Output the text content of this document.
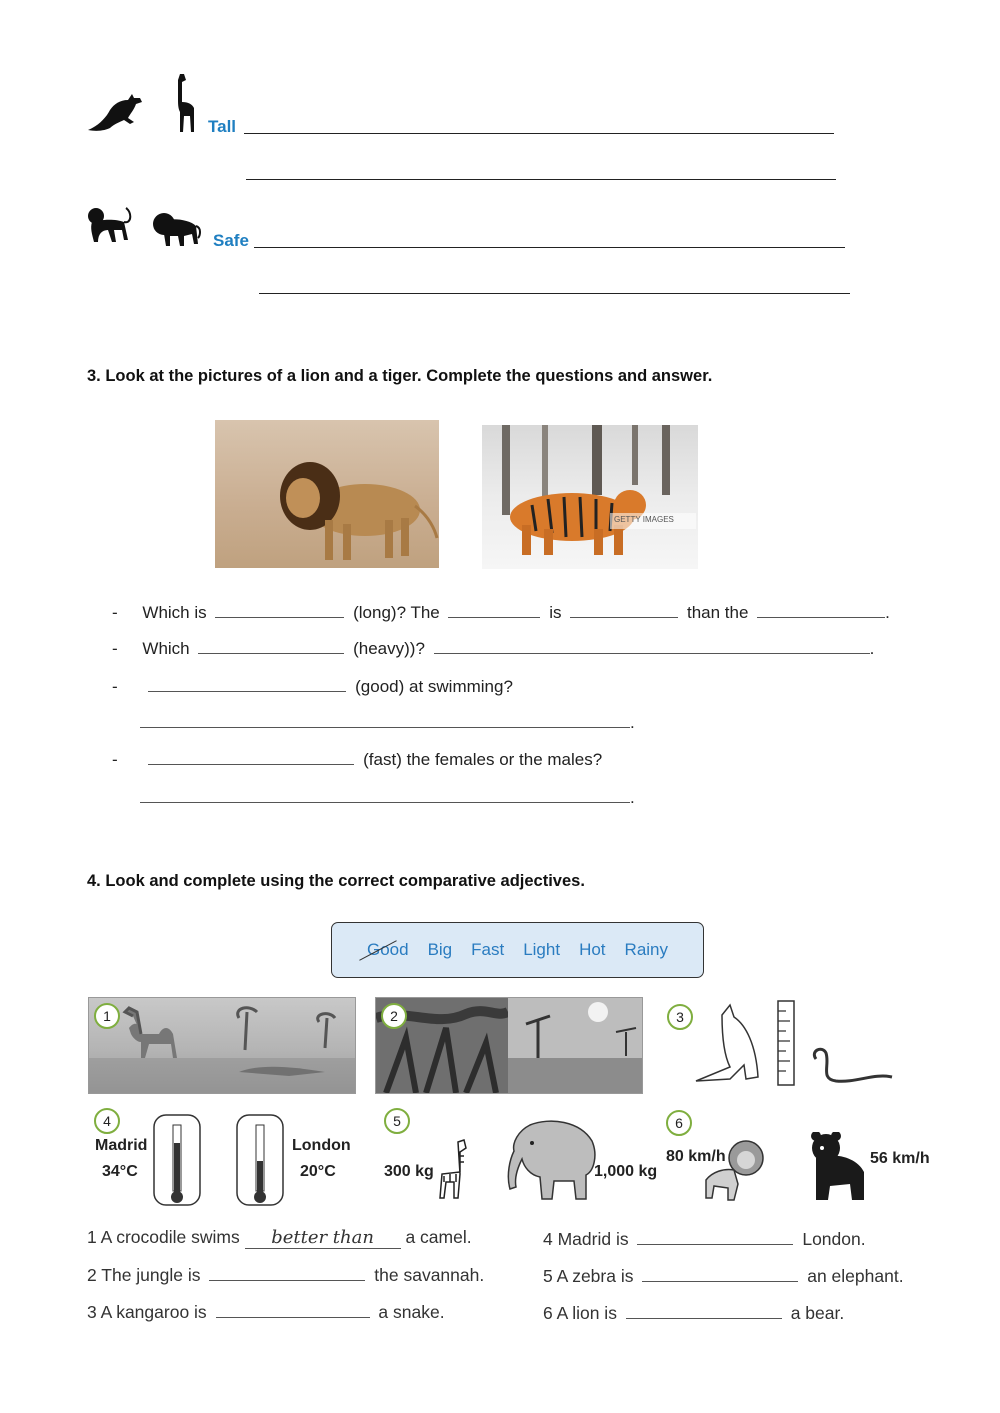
Tall
Safe
3. Look at the pictures of a lion and a tiger. Complete the questions and answer.
GETTY IMAGES
- Which is	(long)? The	is	than the	.
- Which	(heavy))?	.
-	(good) at swimming?
.
-	(fast) the females or the males?
.
4. Look and complete using the correct comparative adjectives.
Good Big Fast Light Hot Rainy
1	2	3
4
Madrid
34°C
London
20°C
5
300 kg	1,000 kg
6
80 km/h	56 km/h
1 A crocodile swims better than a camel.
2 The jungle is	the savannah.
3 A kangaroo is	a snake.
4 Madrid is	London.
5 A zebra is	an elephant.
6 A lion is	a bear.
